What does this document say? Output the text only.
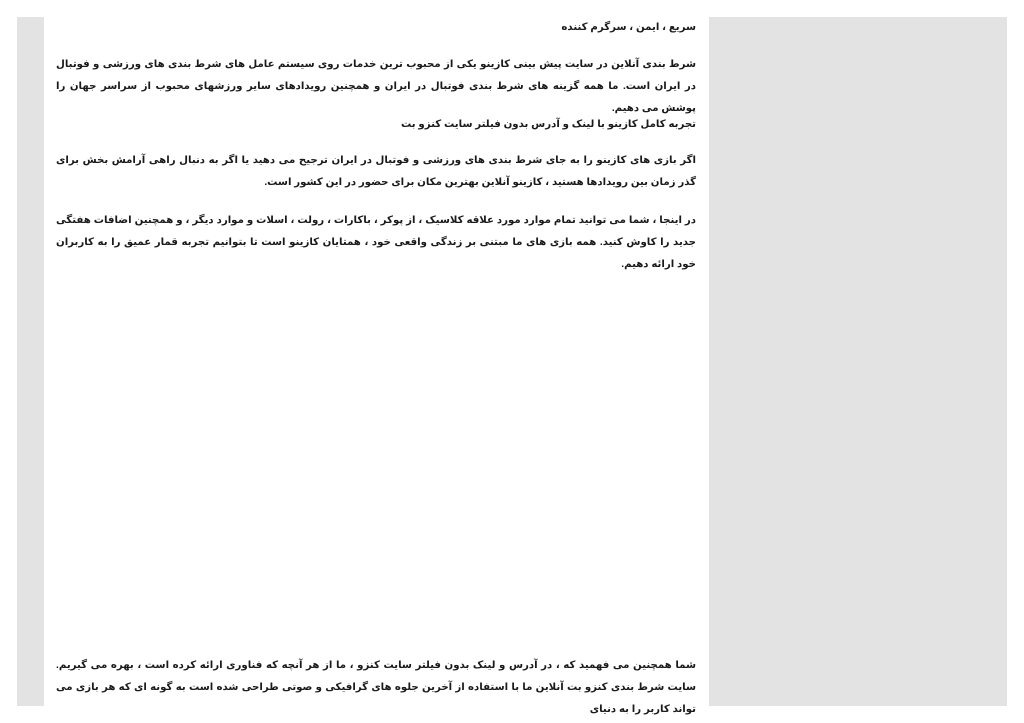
سریع ، ایمن ، سرگرم کننده

شرط بندی آنلاین در سایت پیش بینی کازینو یکی از محبوب ترین خدمات روی سیستم عامل های شرط بندی های ورزشی و فوتبال در ایران است. ما همه گزینه های شرط بندی فوتبال در ایران و همچنین رویدادهای سایر ورزشهای محبوب از سراسر جهان را پوشش می دهیم.

تجربه کامل کازینو با لینک و آدرس بدون فیلتر سایت کنزو بت

اگر بازی های کازینو را به جای شرط بندی های ورزشی و فوتبال در ایران ترجیح می دهید یا اگر به دنبال راهی آرامش بخش برای گذر زمان بین رویدادها هستید ، کازینو آنلاین بهترین مکان برای حضور در این کشور است.

در اینجا ، شما می توانید تمام موارد مورد علاقه کلاسیک ، از پوکر ، باکارات ، رولت ، اسلات و موارد دیگر ، و همچنین اضافات هفتگی جدید را کاوش کنید. همه بازی های ما مبتنی بر زندگی واقعی خود ، همتایان کازینو است تا بتوانیم تجربه قمار عمیق را به کاربران خود ارائه دهیم.

شما همچنین می فهمید که ، در آدرس و لینک بدون فیلتر سایت کنزو ، ما از هر آنچه که فناوری ارائه کرده است ، بهره می گیریم. سایت شرط بندی کنزو بت آنلاین ما با استفاده از آخرین جلوه های گرافیکی و صوتی طراحی شده است به گونه ای که هر بازی می تواند کاربر را به دنیای
